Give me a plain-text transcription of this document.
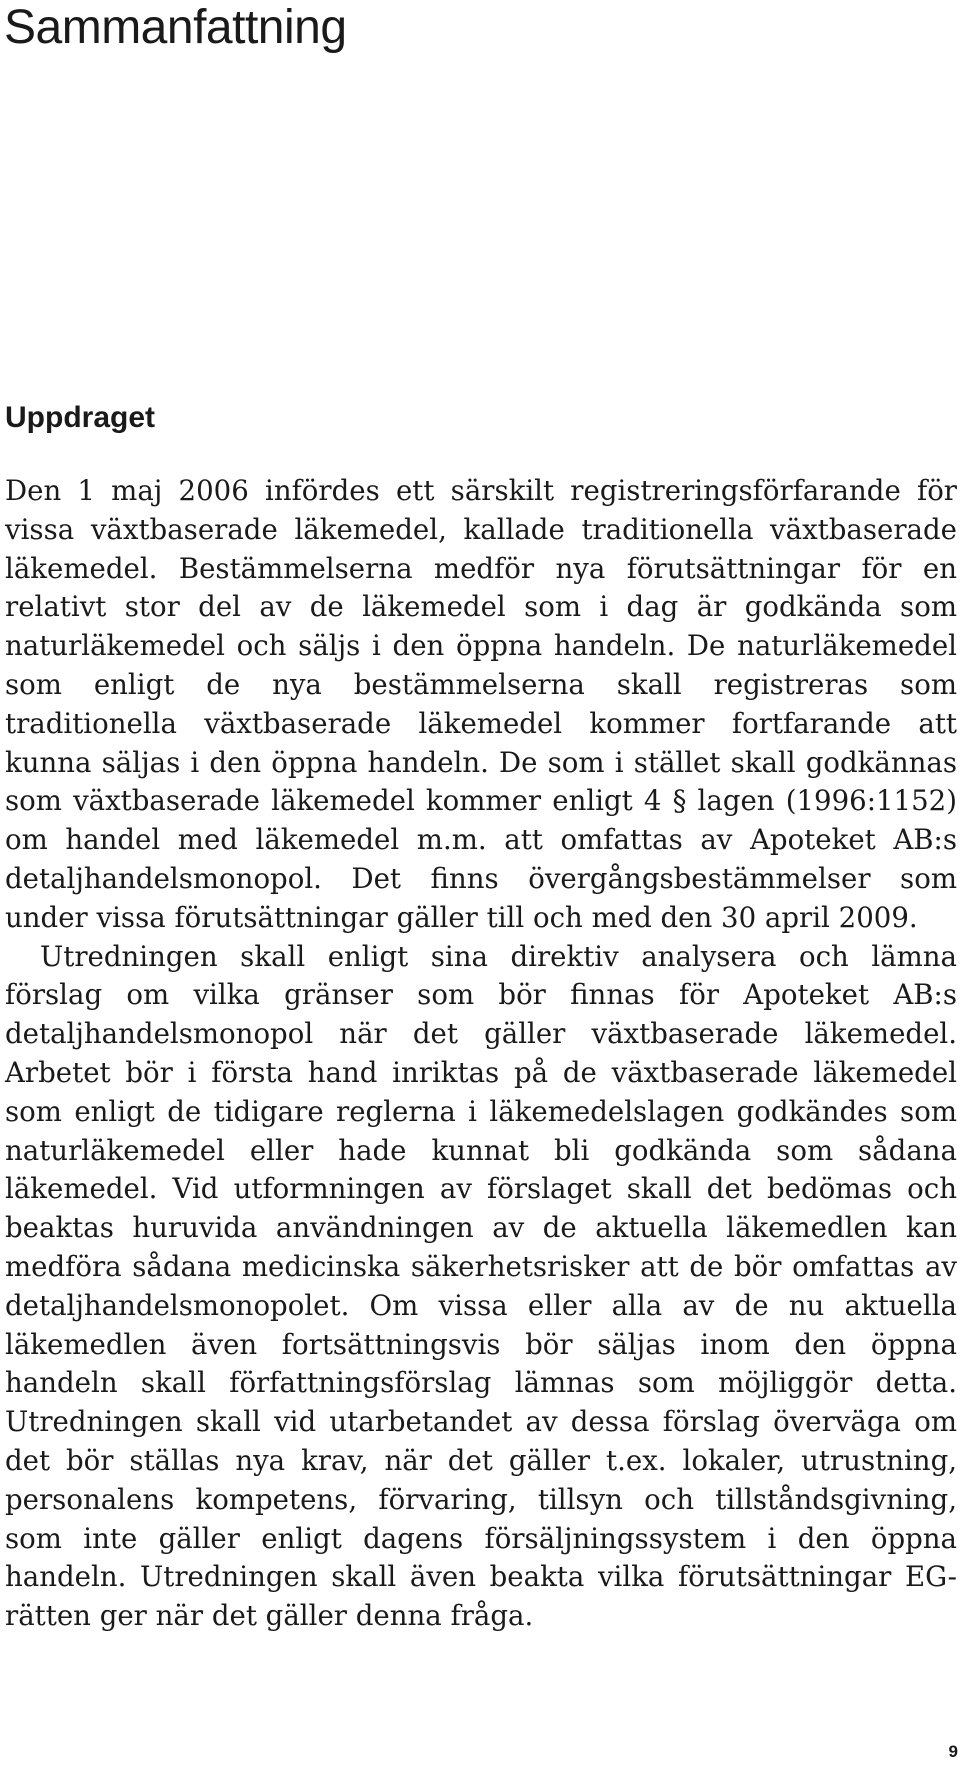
Sammanfattning
Uppdraget

Den 1 maj 2006 infördes ett särskilt registreringsförfarande för vissa växtbaserade läkemedel, kallade traditionella växtbaserade läkemedel. Bestämmelserna medför nya förutsättningar för en relativt stor del av de läkemedel som i dag är godkända som naturläkemedel och säljs i den öppna handeln. De naturläkemedel som enligt de nya bestämmelserna skall registreras som traditionella växtbaserade läkemedel kommer fortfarande att kunna säljas i den öppna handeln. De som i stället skall godkännas som växtbaserade läkemedel kommer enligt 4 § lagen (1996:1152) om handel med läkemedel m.m. att omfattas av Apoteket AB:s detaljhandelsmonopol. Det finns övergångsbestämmelser som under vissa förutsättningar gäller till och med den 30 april 2009.

Utredningen skall enligt sina direktiv analysera och lämna förslag om vilka gränser som bör finnas för Apoteket AB:s detaljhandelsmonopol när det gäller växtbaserade läkemedel. Arbetet bör i första hand inriktas på de växtbaserade läkemedel som enligt de tidigare reglerna i läkemedelslagen godkändes som naturläkemedel eller hade kunnat bli godkända som sådana läkemedel. Vid utformningen av förslaget skall det bedömas och beaktas huruvida användningen av de aktuella läkemedlen kan medföra sådana medicinska säkerhetsrisker att de bör omfattas av detaljhandelsmonopolet. Om vissa eller alla av de nu aktuella läkemedlen även fortsättningsvis bör säljas inom den öppna handeln skall författningsförslag lämnas som möjliggör detta. Utredningen skall vid utarbetandet av dessa förslag överväga om det bör ställas nya krav, när det gäller t.ex. lokaler, utrustning, personalens kompetens, förvaring, tillsyn och tillståndsgivning, som inte gäller enligt dagens försäljningssystem i den öppna handeln. Utredningen skall även beakta vilka förutsättningar EG-rätten ger när det gäller denna fråga.

9
